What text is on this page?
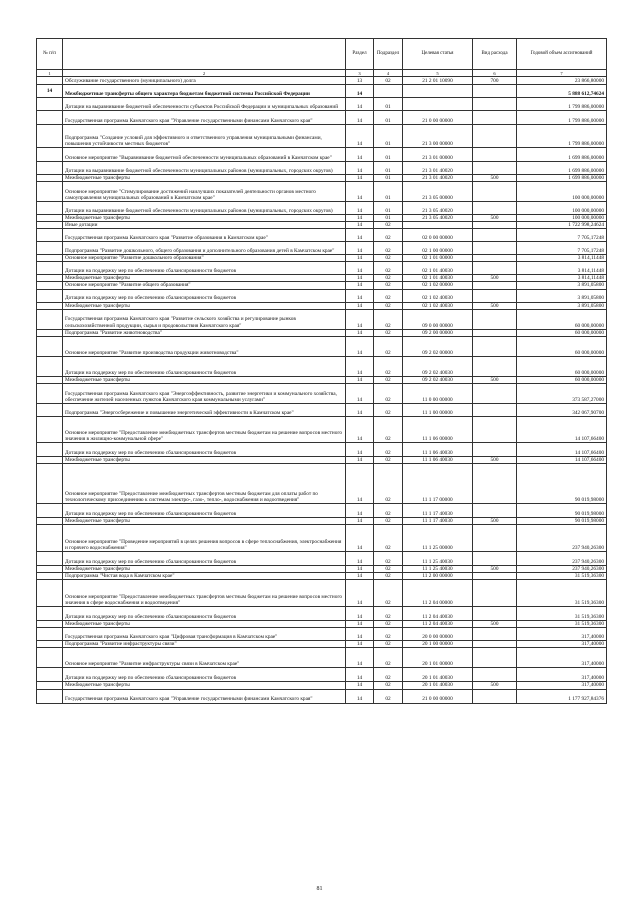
№ п/п		Раздел	Подраздел	Целевая статья	Вид расхода	Годовой объем ассигнований
1	2	3	4	5	6	7
	Обслуживание государственного (муниципального) долга	13	02	21 2 01 10090	700	23 866,80000
14	Межбюджетные трансферты общего характера бюджетам бюджетной системы Российской Федерации	14				5 888 612,74624
	Дотации на выравнивание бюджетной обеспеченности субъектов Российской Федерации и муниципальных образований	14	01			1 799 886,00000
	Государственная программа Камчатского края "Управление государственными финансами Камчатского края"	14	01	21 0 00 00000		1 799 886,00000
	Подпрограмма "Создание условий для эффективного и ответственного управления муниципальными финансами, повышения устойчивости местных бюджетов"	14	01	21 3 00 00000		1 799 886,00000
	Основное мероприятие "Выравнивание бюджетной обеспеченности муниципальных образований в Камчатском крае"	14	01	21 3 01 00000		1 699 886,00000
	Дотации на выравнивание бюджетной обеспеченности муниципальных районов (муниципальных, городских округов)	14	01	21 3 01 40020		1 699 886,00000
	Межбюджетные трансферты	14	01	21 3 01 40020	500	1 699 886,00000
	Основное мероприятие "Стимулирование достижений наилучших показателей деятельности органов местного самоуправления муниципальных образований в Камчатском крае"	14	01	21 3 05 00000		100 000,00000
	Дотации на выравнивание бюджетной обеспеченности муниципальных районов (муниципальных, городских округов)	14	01	21 3 05 40020		100 000,00000
	Межбюджетные трансферты	14	01	21 3 05 40020	500	100 000,00000
	Иные дотации	14	02			1 722 998,24624
	Государственная программа Камчатского края "Развитие образования в Камчатском крае"	14	02	02 0 00 00000		7 705,17248
	Подпрограмма "Развитие дошкольного, общего образования и дополнительного образования детей в Камчатском крае"	14	02	02 1 00 00000		7 705,17248
	Основное мероприятие "Развитие дошкольного образования"	14	02	02 1 01 00000		3 814,11448
	Дотации на поддержку мер по обеспечению сбалансированности бюджетов	14	02	02 1 01 40030		3 814,11448
	Межбюджетные трансферты	14	02	02 1 01 40030	500	3 814,11448
	Основное мероприятие "Развитие общего образования"	14	02	02 1 02 00000		3 891,05800
	Дотации на поддержку мер по обеспечению сбалансированности бюджетов	14	02	02 1 02 40030		3 891,05800
	Межбюджетные трансферты	14	02	02 1 02 40030	500	3 891,05800
	Государственная программа Камчатского края "Развитие сельского хозяйства и регулирование рынков сельскохозяйственной продукции, сырья и продовольствия Камчатского края"	14	02	09 0 00 00000		60 000,00000
	Подпрограмма "Развитие животноводства"	14	02	09 2 00 00000		60 000,00000
	Основное мероприятие "Развитие производства продукции животноводства"	14	02	09 2 02 00000		60 000,00000
	Дотации на поддержку мер по обеспечению сбалансированности бюджетов	14	02	09 2 02 40030		60 000,00000
	Межбюджетные трансферты	14	02	09 2 02 40030	500	60 000,00000
	Государственная программа Камчатского края "Энергоэффективность, развитие энергетики и коммунального хозяйства, обеспечение жителей населенных пунктов Камчатского края коммунальными услугами"	14	02	11 0 00 00000		373 587,27000
	Подпрограмма "Энергосбережение и повышение энергетической эффективности в Камчатском крае"	14	02	11 1 00 00000		342 067,90700
	Основное мероприятие "Предоставление межбюджетных трансфертов местным бюджетам на решение вопросов местного значения в жилищно-коммунальной сфере"	14	02	11 1 06 00000		14 107,66400
	Дотации на поддержку мер по обеспечению сбалансированности бюджетов	14	02	11 1 06 40030		14 107,66400
	Межбюджетные трансферты	14	02	11 1 06 40030	500	14 107,66400
	Основное мероприятие "Предоставление межбюджетных трансфертов местным бюджетам для оплаты работ по технологическому присоединению к системам электро-, газо-, тепло-, водоснабжения и водоотведения"	14	02	11 1 17 00000		90 019,98000
	Дотации на поддержку мер по обеспечению сбалансированности бюджетов	14	02	11 1 17 40030		90 019,98000
	Межбюджетные трансферты	14	02	11 1 17 40030	500	90 019,98000
	Основное мероприятие "Проведение мероприятий в целях решения вопросов в сфере теплоснабжения, электроснабжения и горячего водоснабжения"	14	02	11 1 25 00000		237 940,26300
	Дотации на поддержку мер по обеспечению сбалансированности бюджетов	14	02	11 1 25 40030		237 940,26300
	Межбюджетные трансферты	14	02	11 1 25 40030	500	237 940,26300
	Подпрограмма "Чистая вода в Камчатском крае"	14	02	11 2 00 00000		31 519,36300
	Основное мероприятие "Предоставление межбюджетных трансфертов местным бюджетам на решение вопросов местного значения в сфере водоснабжения и водоотведения"	14	02	11 2 04 00000		31 519,36300
	Дотации на поддержку мер по обеспечению сбалансированности бюджетов	14	02	11 2 04 40030		31 519,36300
	Межбюджетные трансферты	14	02	11 2 04 40030	500	31 519,36300
	Государственная программа Камчатского края "Цифровая трансформация в Камчатском крае"	14	02	20 0 00 00000		317,40000
	Подпрограмма "Развитие инфраструктуры связи"	14	02	20 1 00 00000		317,40000
	Основное мероприятие "Развитие инфраструктуры связи в Камчатском крае"	14	02	20 1 01 00000		317,40000
	Дотации на поддержку мер по обеспечению сбалансированности бюджетов	14	02	20 1 01 40030		317,40000
	Межбюджетные трансферты	14	02	20 1 01 40030	500	317,40000
	Государственная программа Камчатского края "Управление государственными финансами Камчатского края"	14	02	21 0 00 00000		1 177 927,84376
81
